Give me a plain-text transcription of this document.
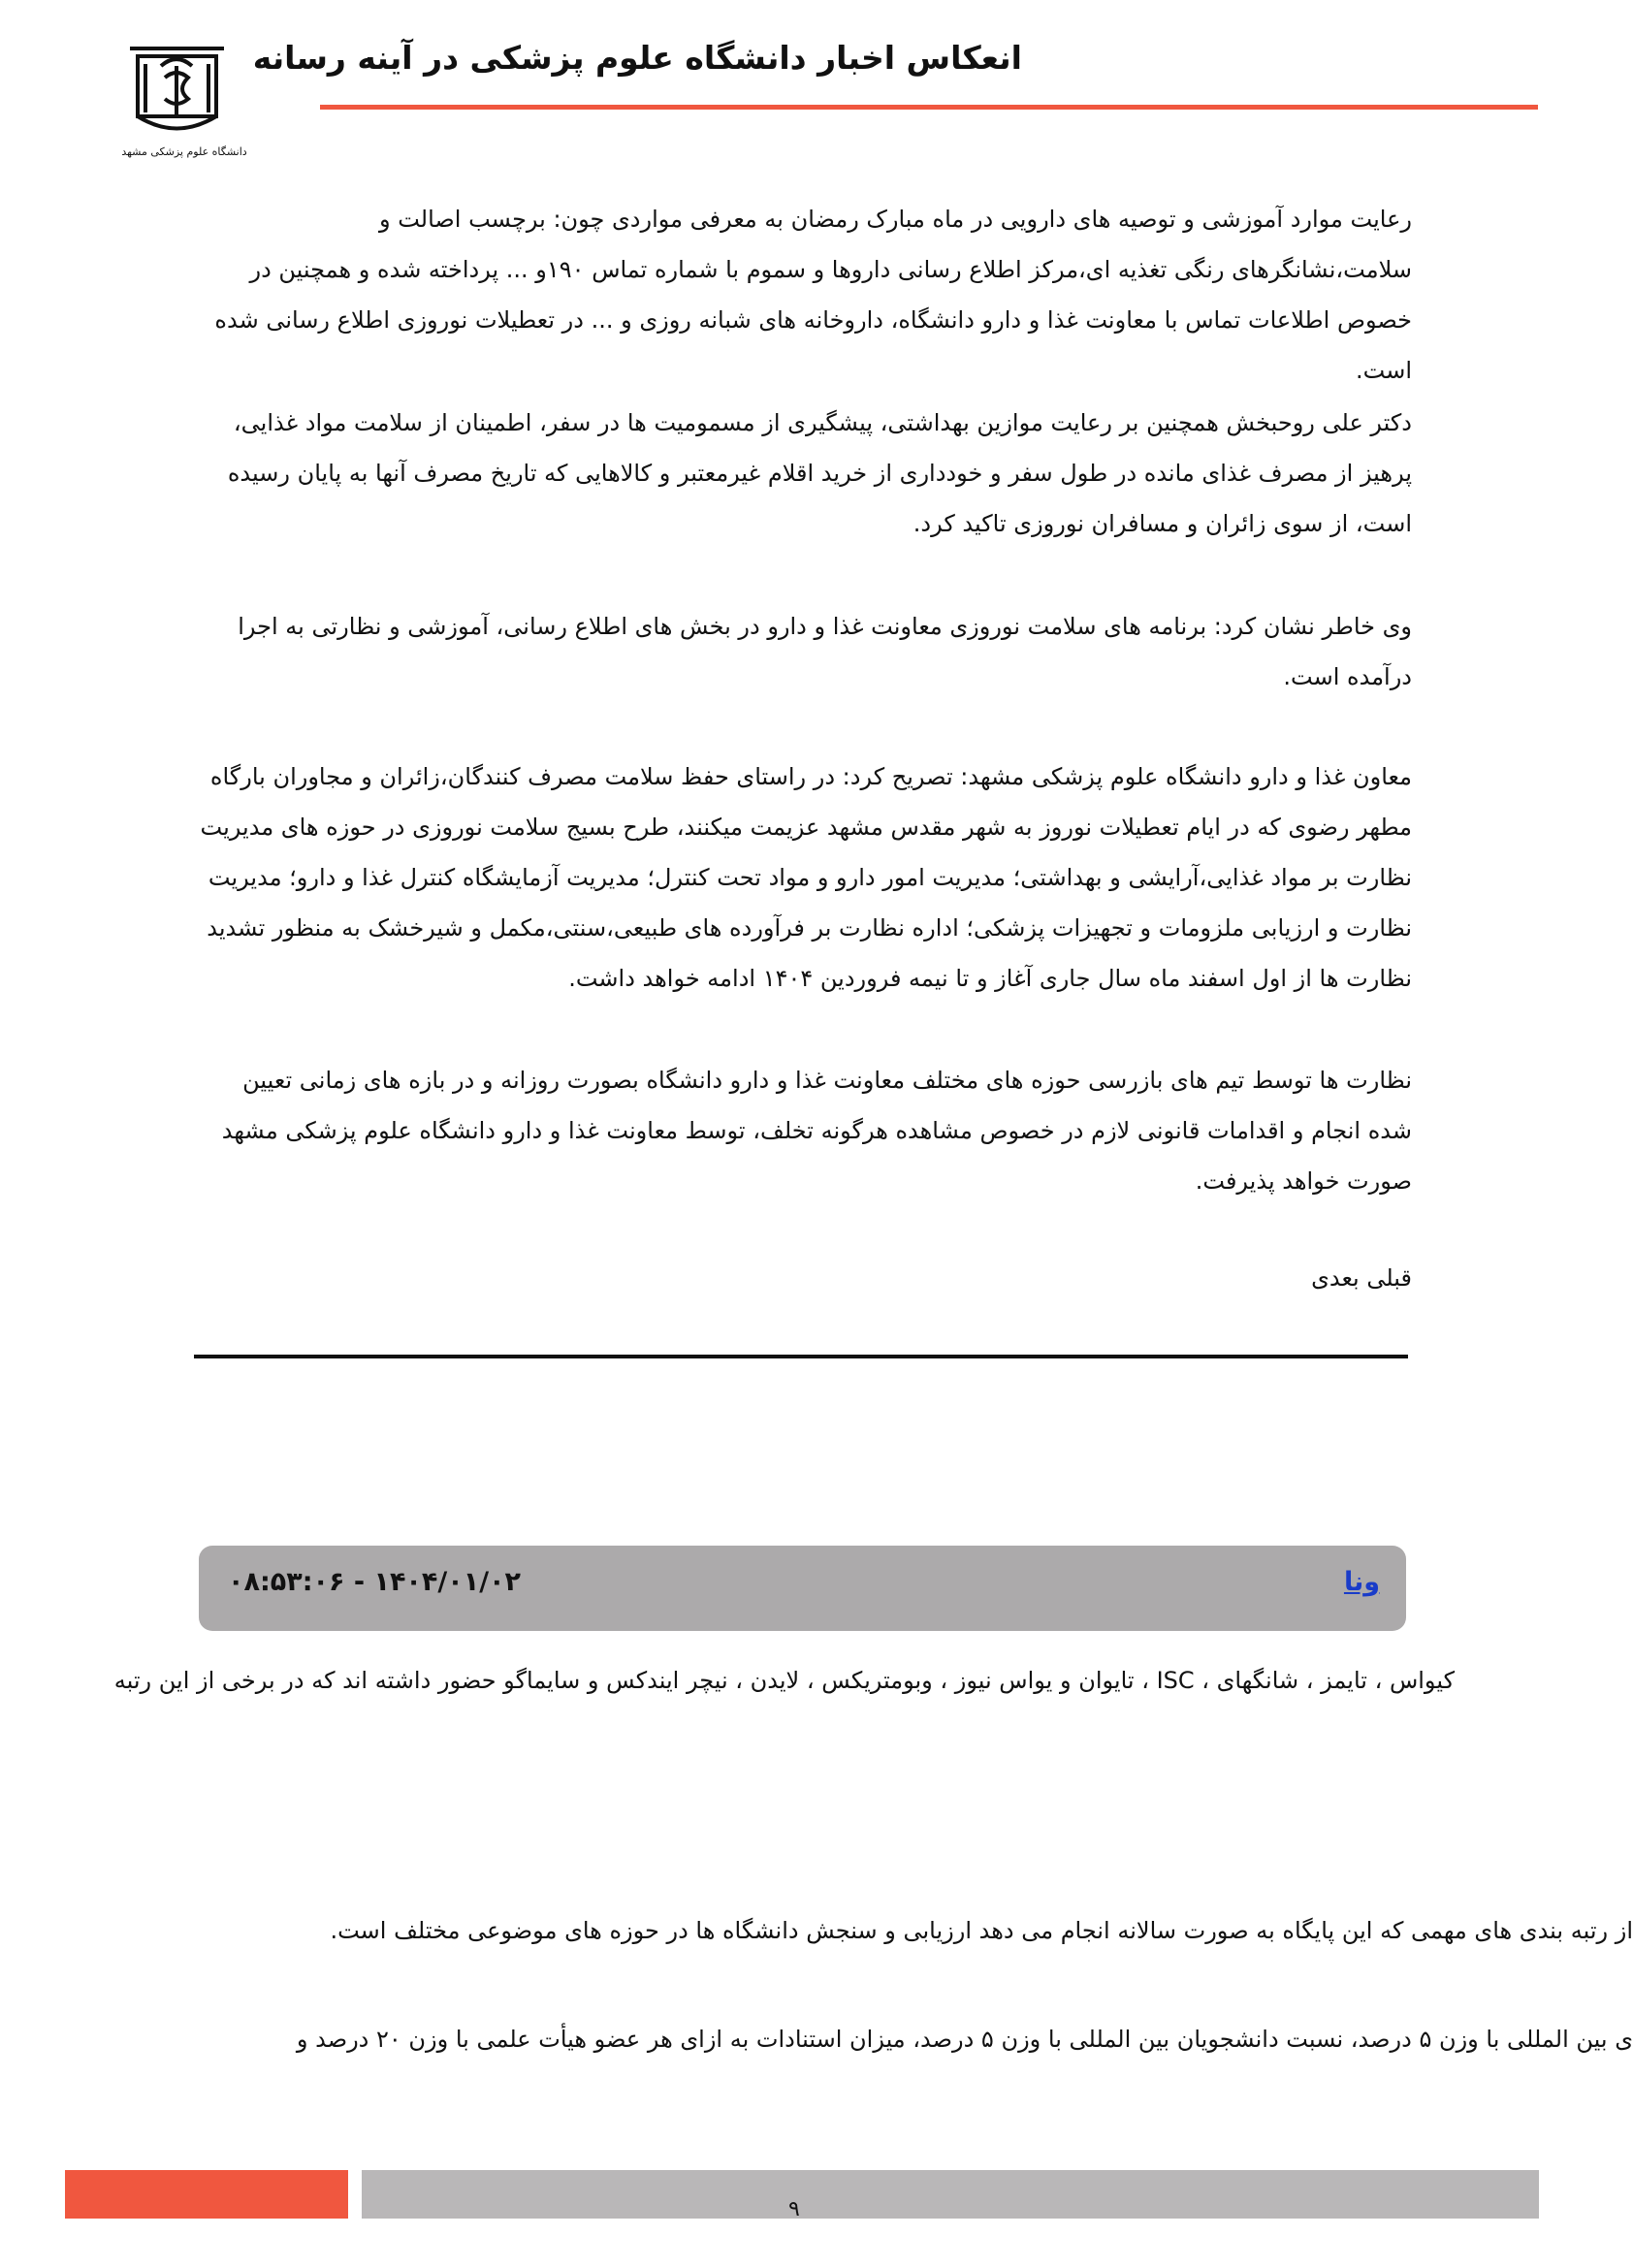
انعکاس اخبار دانشگاه علوم پزشکی در آینه رسانه
دانشگاه علوم پزشکی مشهد

رعایت موارد آموزشی و توصیه های دارویی در ماه مبارک رمضان به معرفی مواردی چون: برچسب اصالت و سلامت،نشانگرهای رنگی تغذیه ای،مرکز اطلاع رسانی داروها و سموم با شماره تماس ۱۹۰و ... پرداخته شده و همچنین در خصوص اطلاعات تماس با معاونت غذا و دارو دانشگاه، داروخانه های شبانه روزی و ... در تعطیلات نوروزی اطلاع رسانی شده است.

دکتر علی روحبخش همچنین بر رعایت موازین بهداشتی، پیشگیری از مسمومیت ها در سفر، اطمینان از سلامت مواد غذایی، پرهیز از مصرف غذای مانده در طول سفر و خودداری از خرید اقلام غیرمعتبر و کالاهایی که تاریخ مصرف آنها به پایان رسیده است، از سوی زائران و مسافران نوروزی تاکید کرد.

وی خاطر نشان کرد: برنامه های سلامت نوروزی معاونت غذا و دارو در بخش های اطلاع رسانی، آموزشی و نظارتی به اجرا درآمده است.

معاون غذا و دارو دانشگاه علوم پزشکی مشهد: تصریح کرد: در راستای حفظ سلامت مصرف کنندگان،زائران و مجاوران بارگاه مطهر رضوی که در ایام تعطیلات نوروز به شهر مقدس مشهد عزیمت میکنند، طرح بسیج سلامت نوروزی در حوزه های مدیریت نظارت بر مواد غذایی،آرایشی و بهداشتی؛ مدیریت امور دارو و مواد تحت کنترل؛ مدیریت آزمایشگاه کنترل غذا و دارو؛ مدیریت نظارت و ارزیابی ملزومات و تجهیزات پزشکی؛ اداره نظارت بر فرآورده های طبیعی،سنتی،مکمل و شیرخشک به منظور تشدید نظارت ها از اول اسفند ماه سال جاری آغاز و تا نیمه فروردین ۱۴۰۴ ادامه خواهد داشت.

نظارت ها توسط تیم های بازرسی حوزه های مختلف معاونت غذا و دارو دانشگاه بصورت روزانه و در بازه های زمانی تعیین شده انجام و اقدامات قانونی لازم در خصوص مشاهده هرگونه تخلف، توسط معاونت غذا و دارو دانشگاه علوم پزشکی مشهد صورت خواهد پذیرفت.

قبلی بعدی

ونا
۰۸:۵۳:۰۶ - ۱۴۰۴/۰۱/۰۲
کیواس ، تایمز ، شانگهای ، ISC ، تایوان و یواس نیوز ، وبومتریکس ، لایدن ، نیچر ایندکس و سایماگو حضور داشته اند که در برخی از این رتبه
از رتبه بندی های مهمی که این پایگاه به صورت سالانه انجام می دهد ارزیابی و سنجش دانشگاه ها در حوزه های موضوعی مختلف است.
ی بین المللی با وزن ۵ درصد، نسبت دانشجویان بین المللی با وزن ۵ درصد، میزان استنادات به ازای هر عضو هیأت علمی با وزن ۲۰ درصد و
۹
